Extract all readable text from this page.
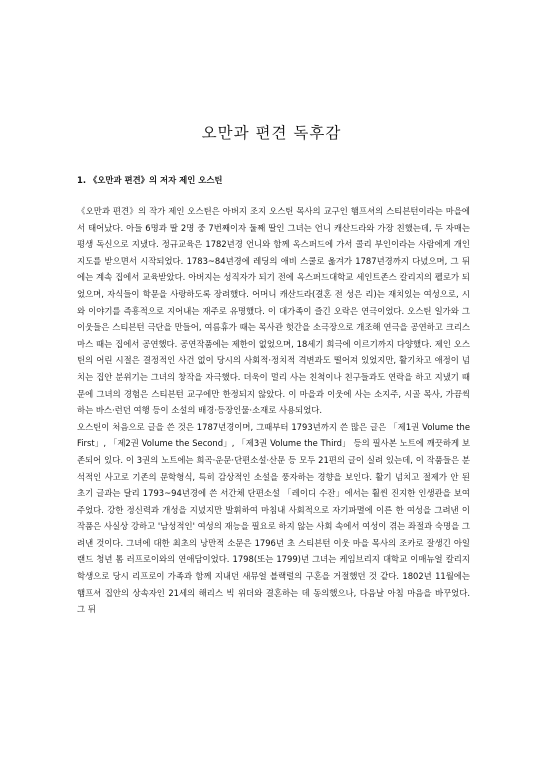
오만과 편견 독후감
1. 《오만과 편견》의 저자 제인 오스틴

《오만과 편견》의 작가 제인 오스틴은 아버지 조지 오스틴 목사의 교구인 햄프셔의 스티븐턴이라는 마을에서 태어났다. 아들 6명과 딸 2명 중 7번째이자 둘째 딸인 그녀는 언니 캐산드라와 가장 친했는데, 두 자매는 평생 독신으로 지냈다. 정규교육은 1782년경 언니와 함께 옥스퍼드에 가서 콜리 부인이라는 사람에게 개인지도를 받으면서 시작되었다. 1783~84년경에 레딩의 애비 스쿨로 옮겨가 1787년경까지 다녔으며, 그 뒤에는 계속 집에서 교육받았다. 아버지는 성직자가 되기 전에 옥스퍼드대학교 세인트존스 칼리지의 펠로가 되었으며, 자식들이 학문을 사랑하도록 장려했다. 어머니 캐산드라(결혼 전 성은 리)는 재치있는 여성으로, 시와 이야기를 즉흥적으로 지어내는 재주로 유명했다. 이 대가족이 즐긴 오락은 연극이었다. 오스틴 일가와 그 이웃들은 스티븐턴 극단을 만들어, 여름휴가 때는 목사관 헛간을 소극장으로 개조해 연극을 공연하고 크리스마스 때는 집에서 공연했다. 공연작품에는 제한이 없었으며, 18세기 희극에 이르기까지 다양했다. 제인 오스틴의 어린 시절은 결정적인 사건 없이 당시의 사회적·정치적 격변과도 떨어져 있었지만, 활기차고 애정이 넘치는 집안 분위기는 그녀의 창작을 자극했다. 더욱이 멀리 사는 친척이나 친구들과도 연락을 하고 지냈기 때문에 그녀의 경험은 스티븐턴 교구에만 한정되지 않았다. 이 마을과 이웃에 사는 소지주, 시골 목사, 가끔씩 하는 바스·런던 여행 등이 소설의 배경·등장인물·소재로 사용되었다.

오스틴이 처음으로 글을 쓴 것은 1787년경이며, 그때부터 1793년까지 쓴 많은 글은 「제1권 Volume the First」, 「제2권 Volume the Second」, 「제3권 Volume the Third」 등의 필사본 노트에 깨끗하게 보존되어 있다. 이 3권의 노트에는 희곡·운문·단편소설·산문 등 모두 21편의 글이 실려 있는데, 이 작품들은 분석적인 사고로 기존의 문학형식, 특히 감상적인 소설을 풍자하는 경향을 보인다. 활기 넘치고 절제가 안 된 초기 글과는 달리 1793~94년경에 쓴 서간체 단편소설 「레이디 수잔」에서는 훨씬 진지한 인생관을 보여주었다. 강한 정신력과 개성을 지녔지만 발휘하여 마침내 사회적으로 자기파멸에 이른 한 여성을 그려낸 이 작품은 사실상 강하고 '남성적인' 여성의 재능을 필요로 하지 않는 사회 속에서 여성이 겪는 좌절과 숙명을 그려낸 것이다. 그녀에 대한 최초의 낭만적 소문은 1796년 초 스티븐턴 이웃 마을 목사의 조카로 잘생긴 아일랜드 청년 톰 러프로이와의 연애담이었다. 1798(또는 1799)년 그녀는 케임브리지 대학교 이매뉴얼 칼리지 학생으로 당시 리프로이 가족과 함께 지내던 새뮤얼 블랙럴의 구혼을 거절했던 것 같다. 1802년 11월에는 햄프셔 집안의 상속자인 21세의 해리스 빅 위더와 결혼하는 데 동의했으나, 다음날 아침 마음을 바꾸었다. 그 뒤
